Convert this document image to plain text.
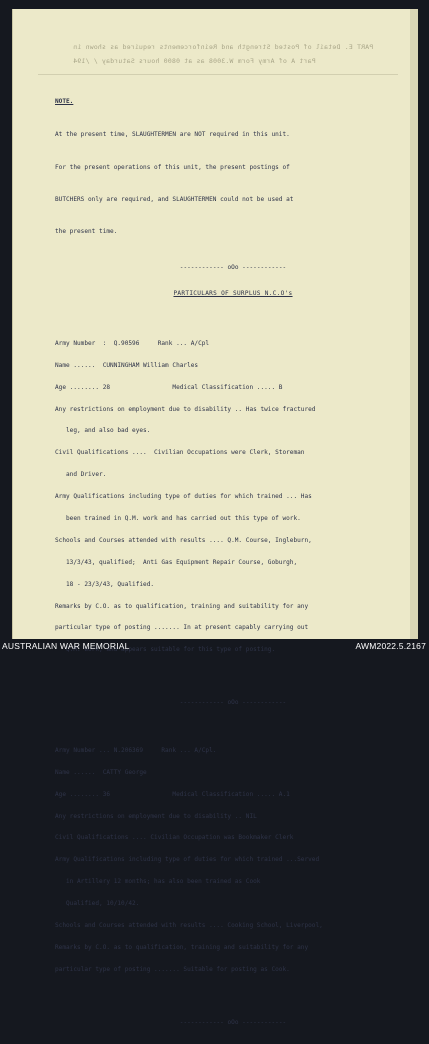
PART E. Detail of Posted Strength and Reinforcements required as shown in
Part A of Army Form W.3008 as at 0800 hours Saturday / /194

NOTE.

At the present time, SLAUGHTERMEN are NOT required in this unit.

For the present operations of this unit, the present postings of

BUTCHERS only are required, and SLAUGHTERMEN could not be used at

the present time.

------------ oOo ------------

PARTICULARS OF SURPLUS N.C.O's

Army Number  :  Q.90596     Rank ... A/Cpl

Name ......  CUNNINGHAM William Charles

Age ........ 28                 Medical Classification ..... B

Any restrictions on employment due to disability .. Has twice fractured

leg, and also bad eyes.

Civil Qualifications ....  Civilian Occupations were Clerk, Storeman

and Driver.

Army Qualifications including type of duties for which trained ... Has

been trained in Q.M. work and has carried out this type of work.

Schools and Courses attended with results .... Q.M. Course, Ingleburn,

13/3/43, qualified;  Anti Gas Equipment Repair Course, Goburgh,

18 - 23/3/43, Qualified.

Remarks by C.O. as to qualification, training and suitability for any

particular type of posting ....... In at present capably carrying out

Q.M. work, and appears suitable for this type of posting.

------------ oOo ------------

Army Number ... N.206369     Rank ... A/Cpl.

Name ......  CATTY George

Age ........ 36                 Medical Classification ..... A.1

Any restrictions on employment due to disability .. NIL

Civil Qualifications .... Civilian Occupation was Bookmaker Clerk

Army Qualifications including type of duties for which trained ...Served

in Artillery 12 months; has also been trained as Cook

Qualified, 10/10/42.

Schools and Courses attended with results .... Cooking School, Liverpool,

Remarks by C.O. as to qualification, training and suitability for any

particular type of posting ....... Suitable for posting as Cook.

------------ oOo ------------

AUSTRALIAN WAR MEMORIAL	AWM2022.5.2167
